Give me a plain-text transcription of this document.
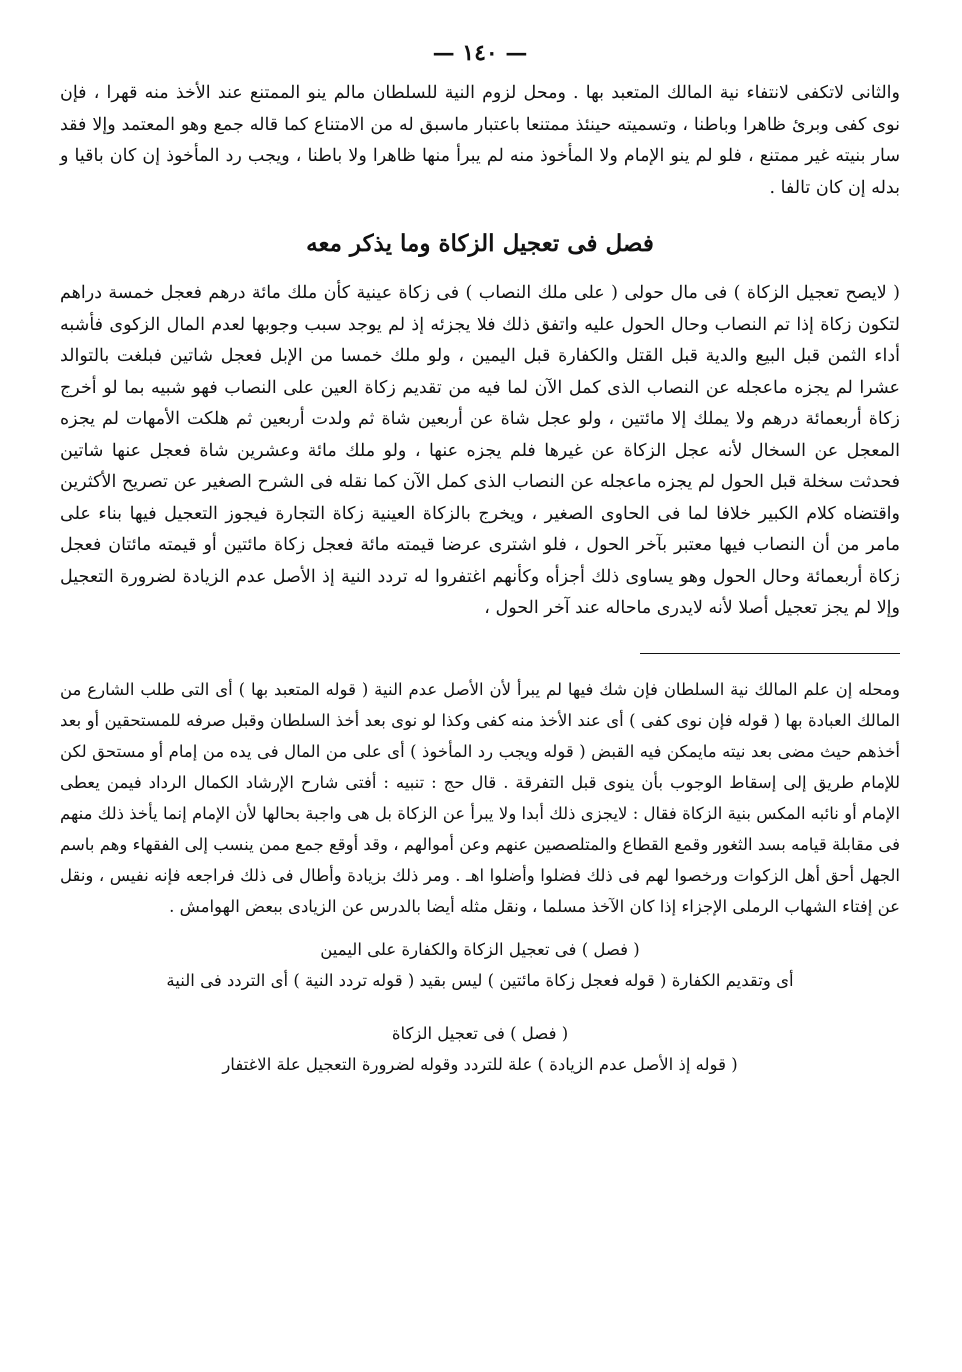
— ١٤٠ —

والثانى لاتكفى لانتفاء نية المالك المتعبد بها . ومحل لزوم النية للسلطان مالم ينو الممتنع عند الأخذ منه قهرا ، فإن نوى كفى وبرئ ظاهرا وباطنا ، وتسميته حينئذ ممتنعا باعتبار ماسبق له من الامتناع كما قاله جمع وهو المعتمد وإلا فقد سار بنيته غير ممتنع ، فلو لم ينو الإمام ولا المأخوذ منه لم يبرأ منها ظاهرا ولا باطنا ، ويجب رد المأخوذ إن كان باقيا و بدله إن كان تالفا .

فصل فى تعجيل الزكاة وما يذكر معه

( لايصح تعجيل الزكاة ) فى مال حولى ( على ملك النصاب ) فى زكاة عينية كأن ملك مائة درهم فعجل خمسة دراهم لتكون زكاة إذا تم النصاب وحال الحول عليه واتفق ذلك فلا يجزئه إذ لم يوجد سبب وجوبها لعدم المال الزكوى فأشبه أداء الثمن قبل البيع والدية قبل القتل والكفارة قبل اليمين ، ولو ملك خمسا من الإبل فعجل شاتين فبلغت بالتوالد عشرا لم يجزه ماعجله عن النصاب الذى كمل الآن لما فيه من تقديم زكاة العين على النصاب فهو شبيه بما لو أخرج زكاة أربعمائة درهم ولا يملك إلا مائتين ، ولو عجل شاة عن أربعين شاة ثم ولدت أربعين ثم هلكت الأمهات لم يجزه المعجل عن السخال لأنه عجل الزكاة عن غيرها فلم يجزه عنها ، ولو ملك مائة وعشرين شاة فعجل عنها شاتين فحدثت سخلة قبل الحول لم يجزه ماعجله عن النصاب الذى كمل الآن كما نقله فى الشرح الصغير عن تصريح الأكثرين واقتضاه كلام الكبير خلافا لما فى الحاوى الصغير ، ويخرج بالزكاة العينية زكاة التجارة فيجوز التعجيل فيها بناء على مامر من أن النصاب فيها معتبر بآخر الحول ، فلو اشترى عرضا قيمته مائة فعجل زكاة مائتين أو قيمته مائتان فعجل زكاة أربعمائة وحال الحول وهو يساوى ذلك أجزأه وكأنهم اغتفروا له تردد النية إذ الأصل عدم الزيادة لضرورة التعجيل وإلا لم يجز تعجيل أصلا لأنه لايدرى ماحاله عند آخر الحول ،

ومحله إن علم المالك نية السلطان فإن شك فيها لم يبرأ لأن الأصل عدم النية ( قوله المتعبد بها ) أى التى طلب الشارع من المالك العبادة بها ( قوله فإن نوى كفى ) أى عند الأخذ منه كفى وكذا لو نوى بعد أخذ السلطان وقبل صرفه للمستحقين أو بعد أخذهم حيث مضى بعد نيته مايمكن فيه القبض ( قوله ويجب رد المأخوذ ) أى على من المال فى يده من إمام أو مستحق لكن للإمام طريق إلى إسقاط الوجوب بأن ينوى قبل التفرقة . قال حج : تنبيه : أفتى شارح الإرشاد الكمال الرداد فيمن يعطى الإمام أو نائبه المكس بنية الزكاة فقال : لايجزى ذلك أبدا ولا يبرأ عن الزكاة بل هى واجبة بحالها لأن الإمام إنما يأخذ ذلك منهم فى مقابلة قيامه بسد الثغور وقمع القطاع والمتلصصين عنهم وعن أموالهم ، وقد أوقع جمع ممن ينسب إلى الفقهاء وهم باسم الجهل أحق أهل الزكوات ورخصوا لهم فى ذلك فضلوا وأضلوا اهـ . ومر ذلك بزيادة وأطال فى ذلك فراجعه فإنه نفيس ، ونقل عن إفتاء الشهاب الرملى الإجزاء إذا كان الآخذ مسلما ، ونقل مثله أيضا بالدرس عن الزيادى ببعض الهوامش .

( فصل ) فى تعجيل الزكاة والكفارة على اليمين
أى وتقديم الكفارة ( قوله فعجل زكاة مائتين ) ليس بقيد ( قوله تردد النية ) أى التردد فى النية
( فصل ) فى تعجيل الزكاة
( قوله إذ الأصل عدم الزيادة ) علة للتردد وقوله لضرورة التعجيل علة الاغتفار
